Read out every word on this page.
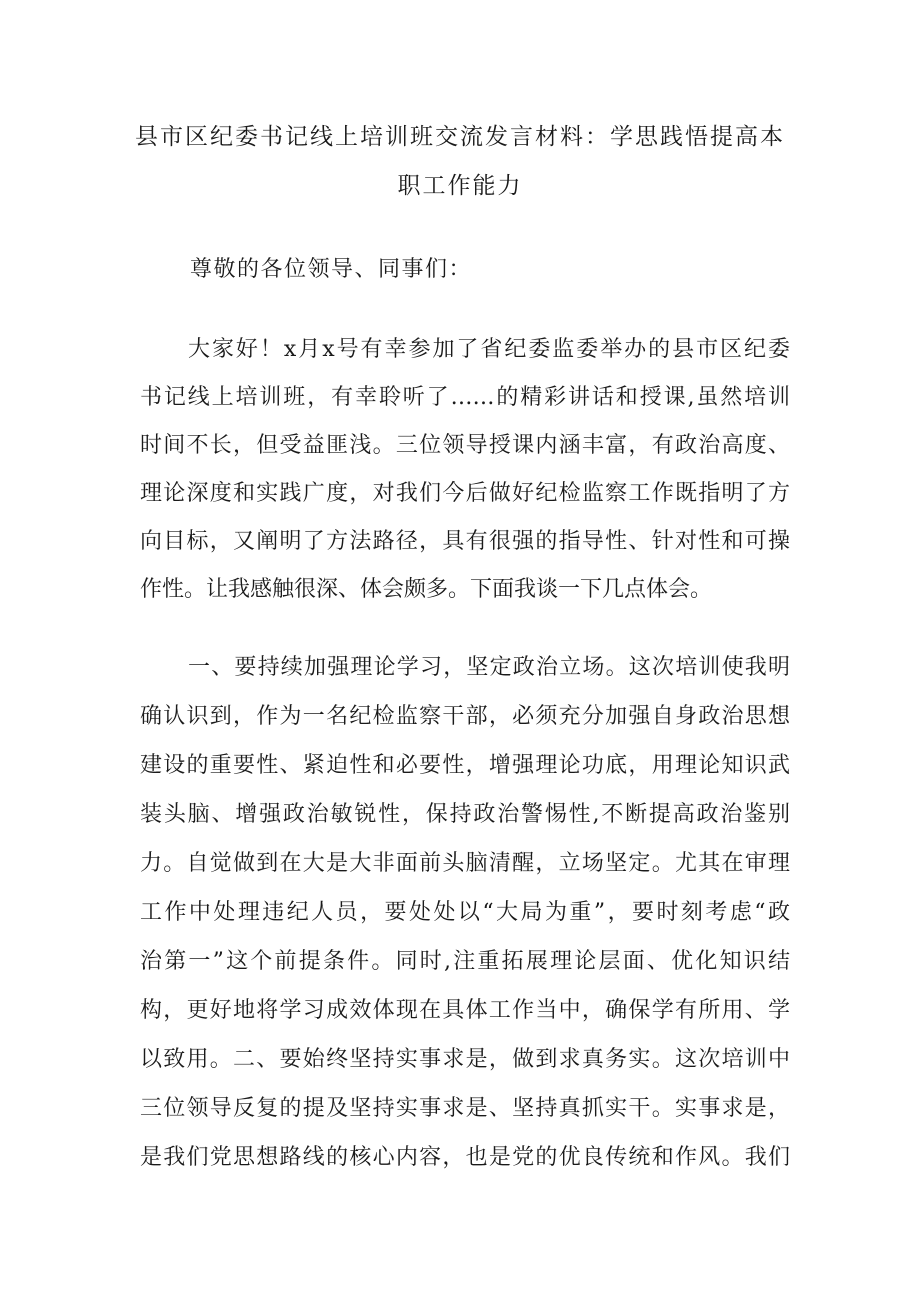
县市区纪委书记线上培训班交流发言材料：学思践悟提高本
职工作能力
尊敬的各位领导、同事们：
大家好！x月x号有幸参加了省纪委监委举办的县市区纪委
书记线上培训班，有幸聆听了……的精彩讲话和授课,虽然培训
时间不长，但受益匪浅。三位领导授课内涵丰富，有政治高度、
理论深度和实践广度，对我们今后做好纪检监察工作既指明了方
向目标，又阐明了方法路径，具有很强的指导性、针对性和可操
作性。让我感触很深、体会颇多。下面我谈一下几点体会。
一、要持续加强理论学习，坚定政治立场。这次培训使我明
确认识到，作为一名纪检监察干部，必须充分加强自身政治思想
建设的重要性、紧迫性和必要性，增强理论功底，用理论知识武
装头脑、增强政治敏锐性，保持政治警惕性,不断提高政治鉴别
力。自觉做到在大是大非面前头脑清醒，立场坚定。尤其在审理
工作中处理违纪人员，要处处以“大局为重”，要时刻考虑“政
治第一”这个前提条件。同时,注重拓展理论层面、优化知识结
构，更好地将学习成效体现在具体工作当中，确保学有所用、学
以致用。二、要始终坚持实事求是，做到求真务实。这次培训中
三位领导反复的提及坚持实事求是、坚持真抓实干。实事求是，
是我们党思想路线的核心内容，也是党的优良传统和作风。我们
